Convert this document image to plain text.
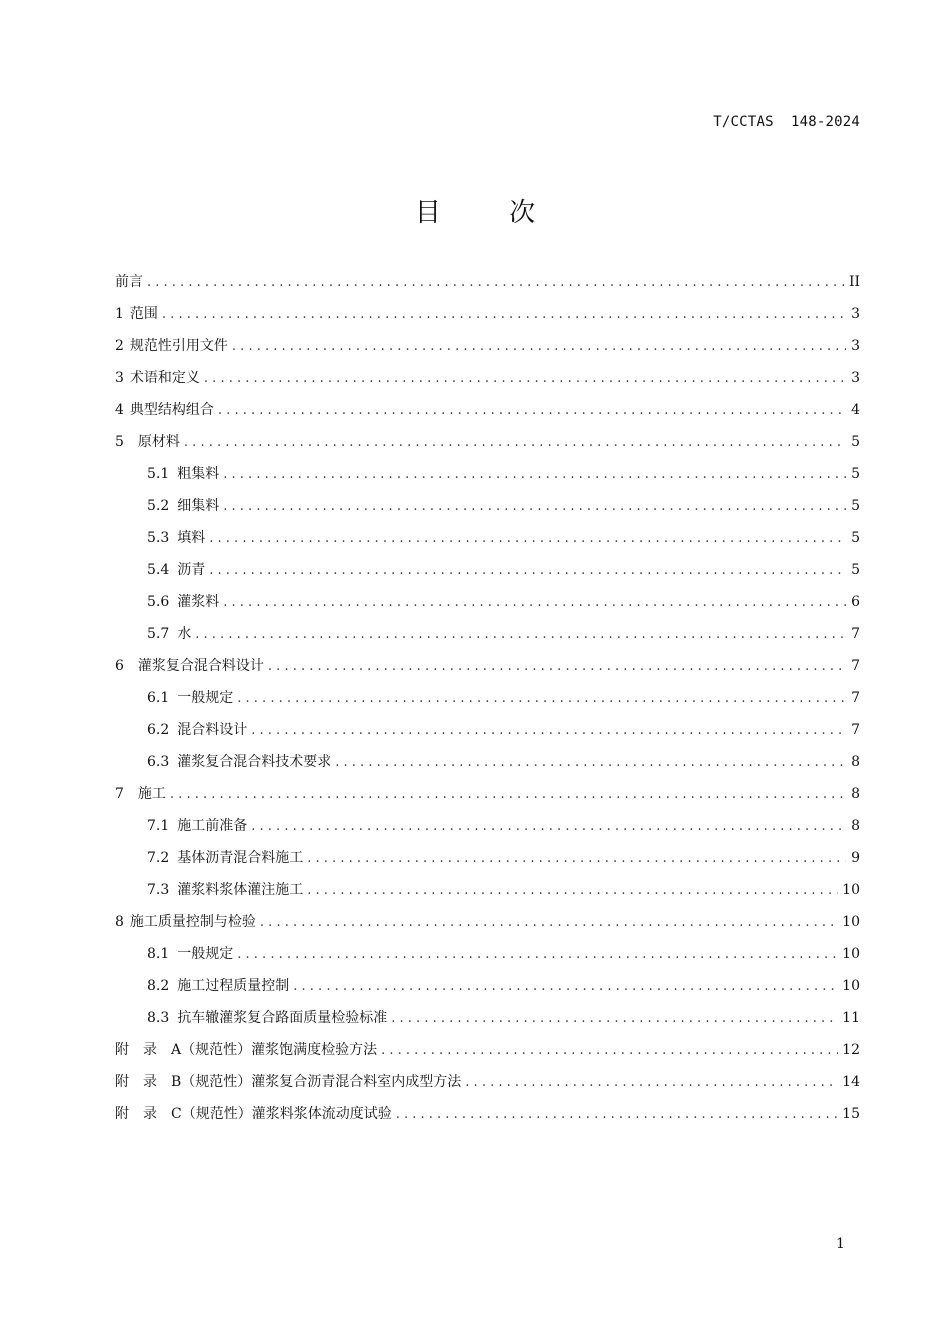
T/CCTAS  148-2024
目 次
前言 . . .	II
1 范围 . . .	3
2 规范性引用文件 . . .	3
3 术语和定义 . . .	3
4 典型结构组合 . . .	4
5 原材料 . . .	5
5.1 粗集料 . . .	5
5.2 细集料 . . .	5
5.3 填料 . . .	5
5.4 沥青 . . .	5
5.6 灌浆料 . . .	6
5.7 水 . . .	7
6 灌浆复合混合料设计 . . .	7
6.1 一般规定 . . .	7
6.2 混合料设计 . . .	7
6.3 灌浆复合混合料技术要求 . . .	8
7 施工 . . .	8
7.1 施工前准备 . . .	8
7.2 基体沥青混合料施工 . . .	9
7.3 灌浆料浆体灌注施工 . . .	10
8 施工质量控制与检验 . . .	10
8.1 一般规定 . . .	10
8.2 施工过程质量控制 . . .	10
8.3 抗车辙灌浆复合路面质量检验标准 . . .	11
附　录 A（规范性）灌浆饱满度检验方法 . . .	12
附　录 B（规范性）灌浆复合沥青混合料室内成型方法 . . .	14
附　录 C（规范性）灌浆料浆体流动度试验 . . .	15
1
